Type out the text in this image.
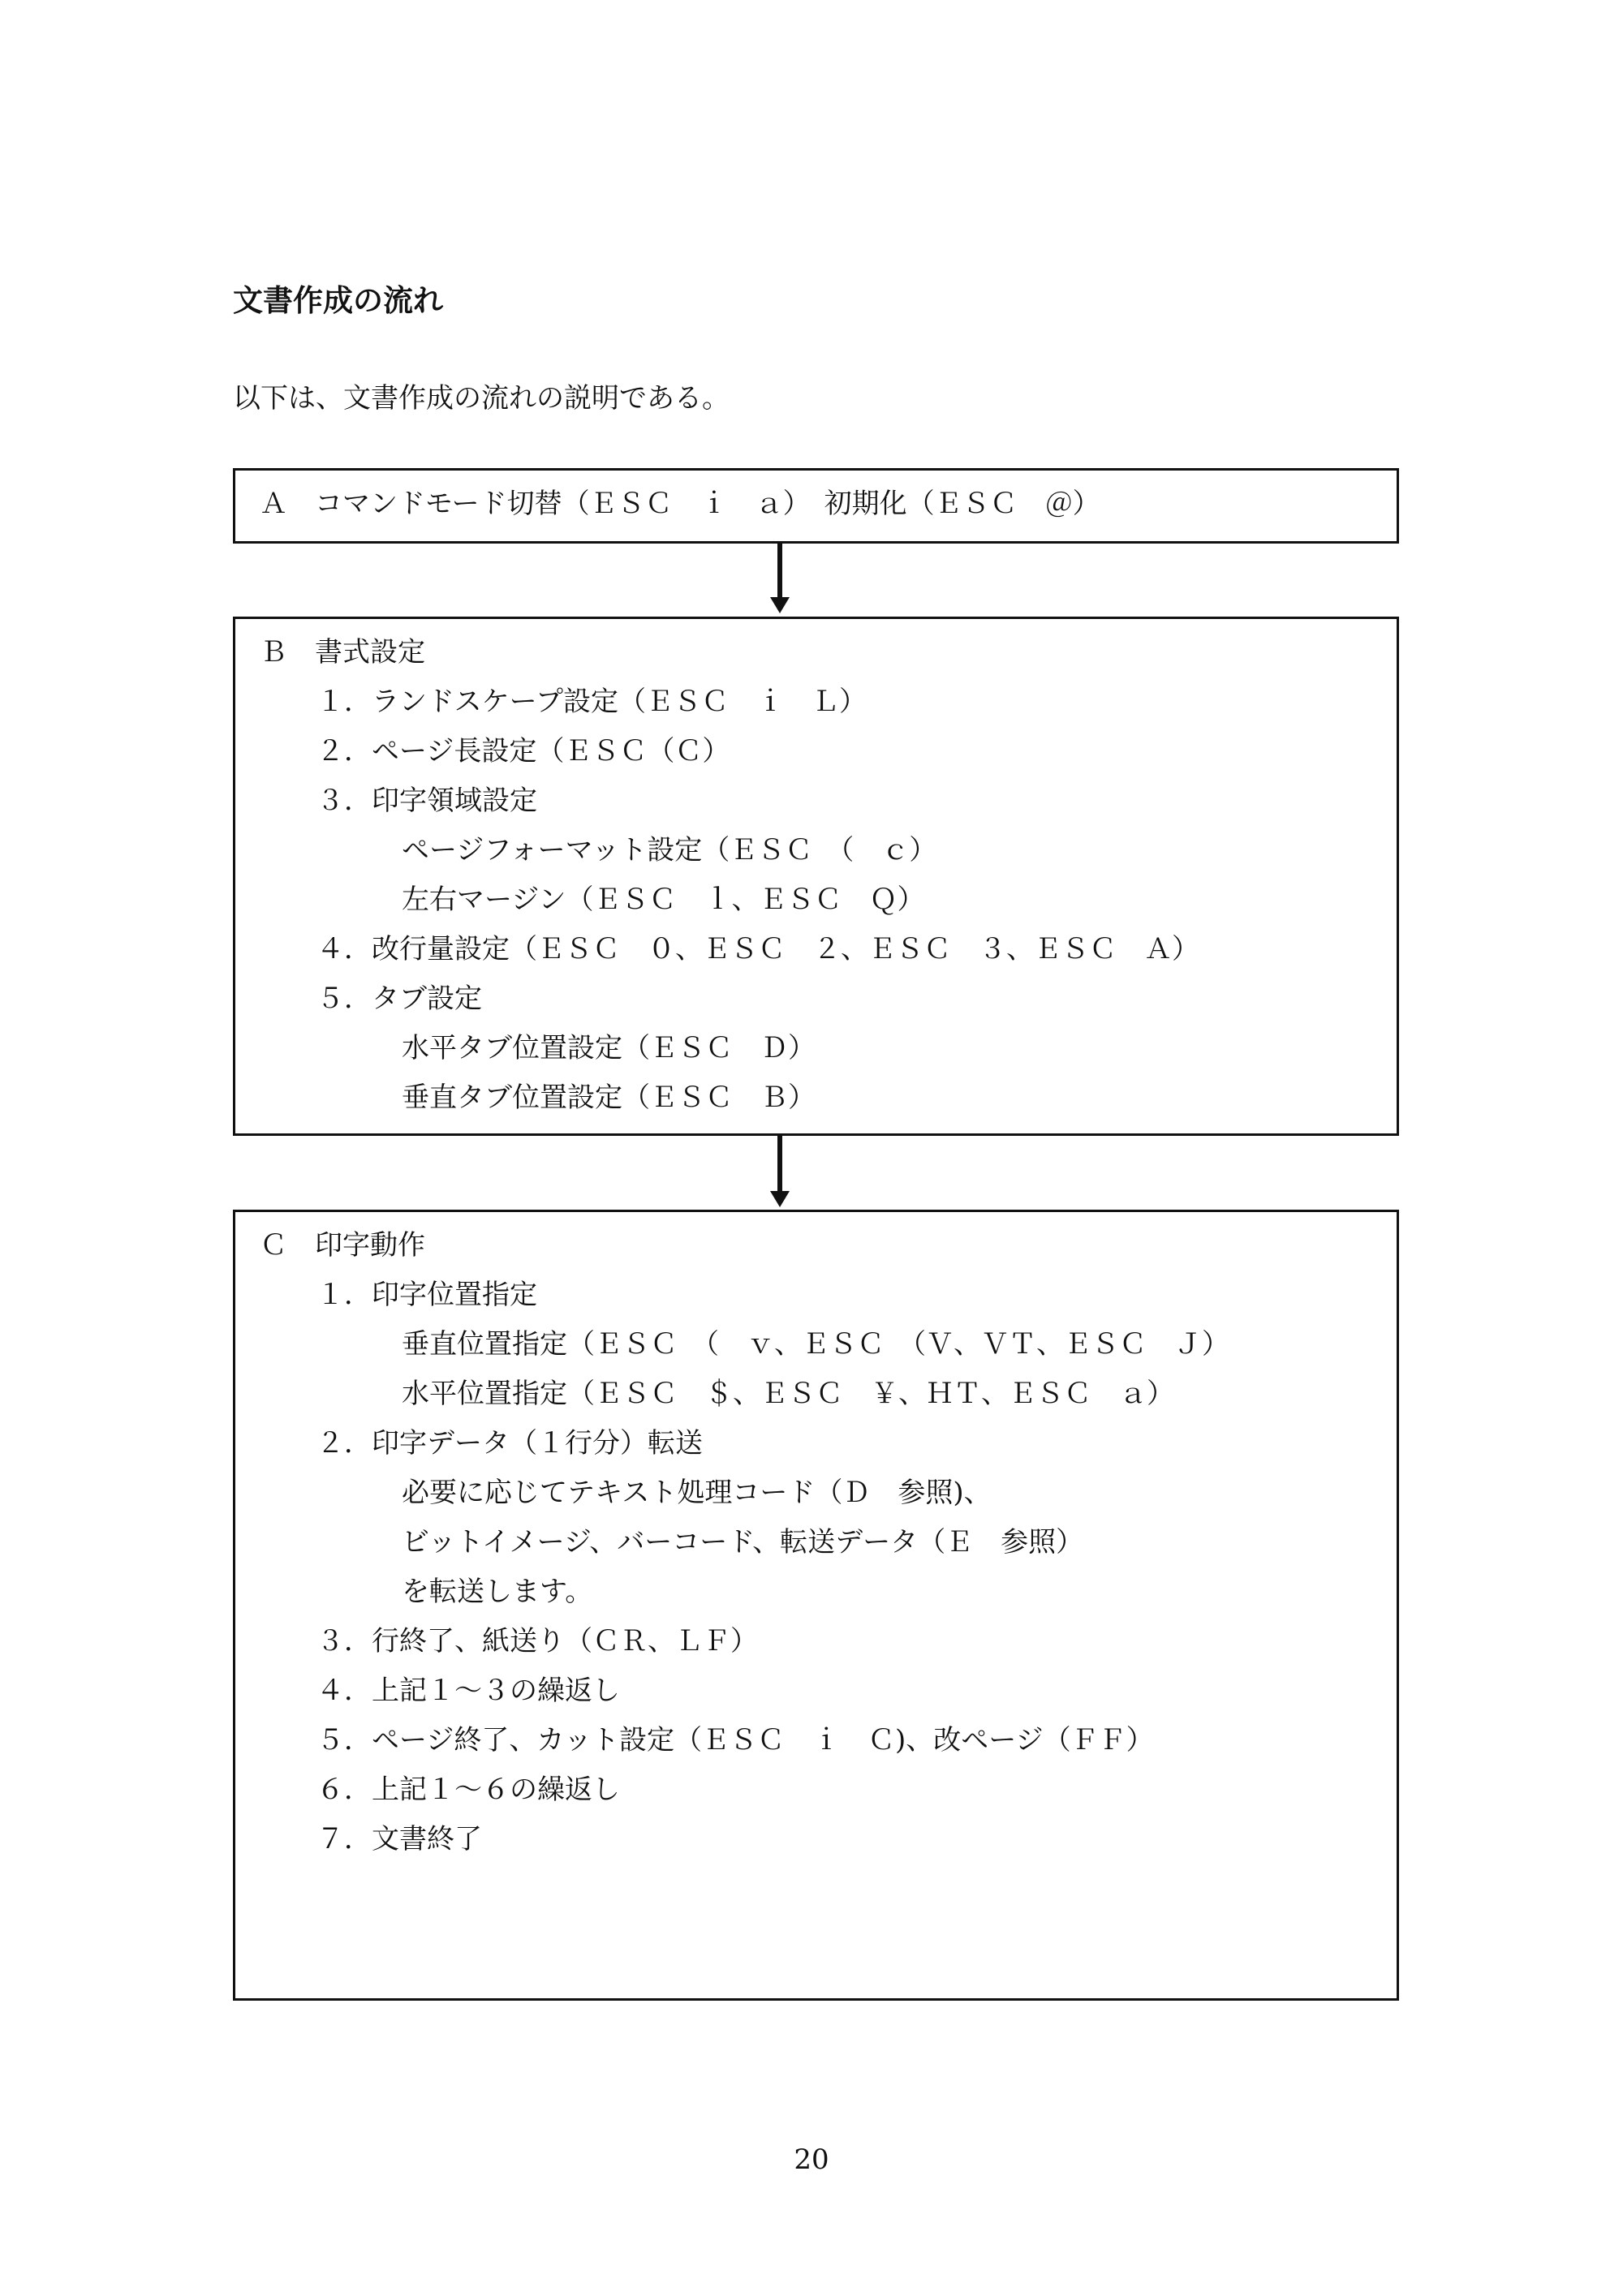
文書作成の流れ

以下は、文書作成の流れの説明である。

Ａ　コマンドモード切替（ＥＳＣ　ｉ　ａ）　初期化（ＥＳＣ　＠）
Ｂ　書式設定
１．ランドスケープ設定（ＥＳＣ　ｉ　Ｌ）
２．ページ長設定（ＥＳＣ（Ｃ）
３．印字領域設定
ページフォーマット設定（ＥＳＣ　（　ｃ）
左右マージン（ＥＳＣ　ｌ、ＥＳＣ　Ｑ）
４．改行量設定（ＥＳＣ　０、ＥＳＣ　２、ＥＳＣ　３、ＥＳＣ　Ａ）
５．タブ設定
水平タブ位置設定（ＥＳＣ　Ｄ）
垂直タブ位置設定（ＥＳＣ　Ｂ）
Ｃ　印字動作
１．印字位置指定
垂直位置指定（ＥＳＣ　（　ｖ、ＥＳＣ　（Ｖ、ＶＴ、ＥＳＣ　Ｊ）
水平位置指定（ＥＳＣ　＄、ＥＳＣ　￥、ＨＴ、ＥＳＣ　ａ）
２．印字データ（１行分）転送
必要に応じてテキスト処理コード（Ｄ　参照)、
ビットイメージ、バーコード、転送データ（Ｅ　参照）
を転送します。
３．行終了、紙送り（ＣＲ、ＬＦ）
４．上記１～３の繰返し
５．ページ終了、カット設定（ＥＳＣ　ｉ　Ｃ)、改ページ（ＦＦ）
６．上記１～６の繰返し
７．文書終了
20
